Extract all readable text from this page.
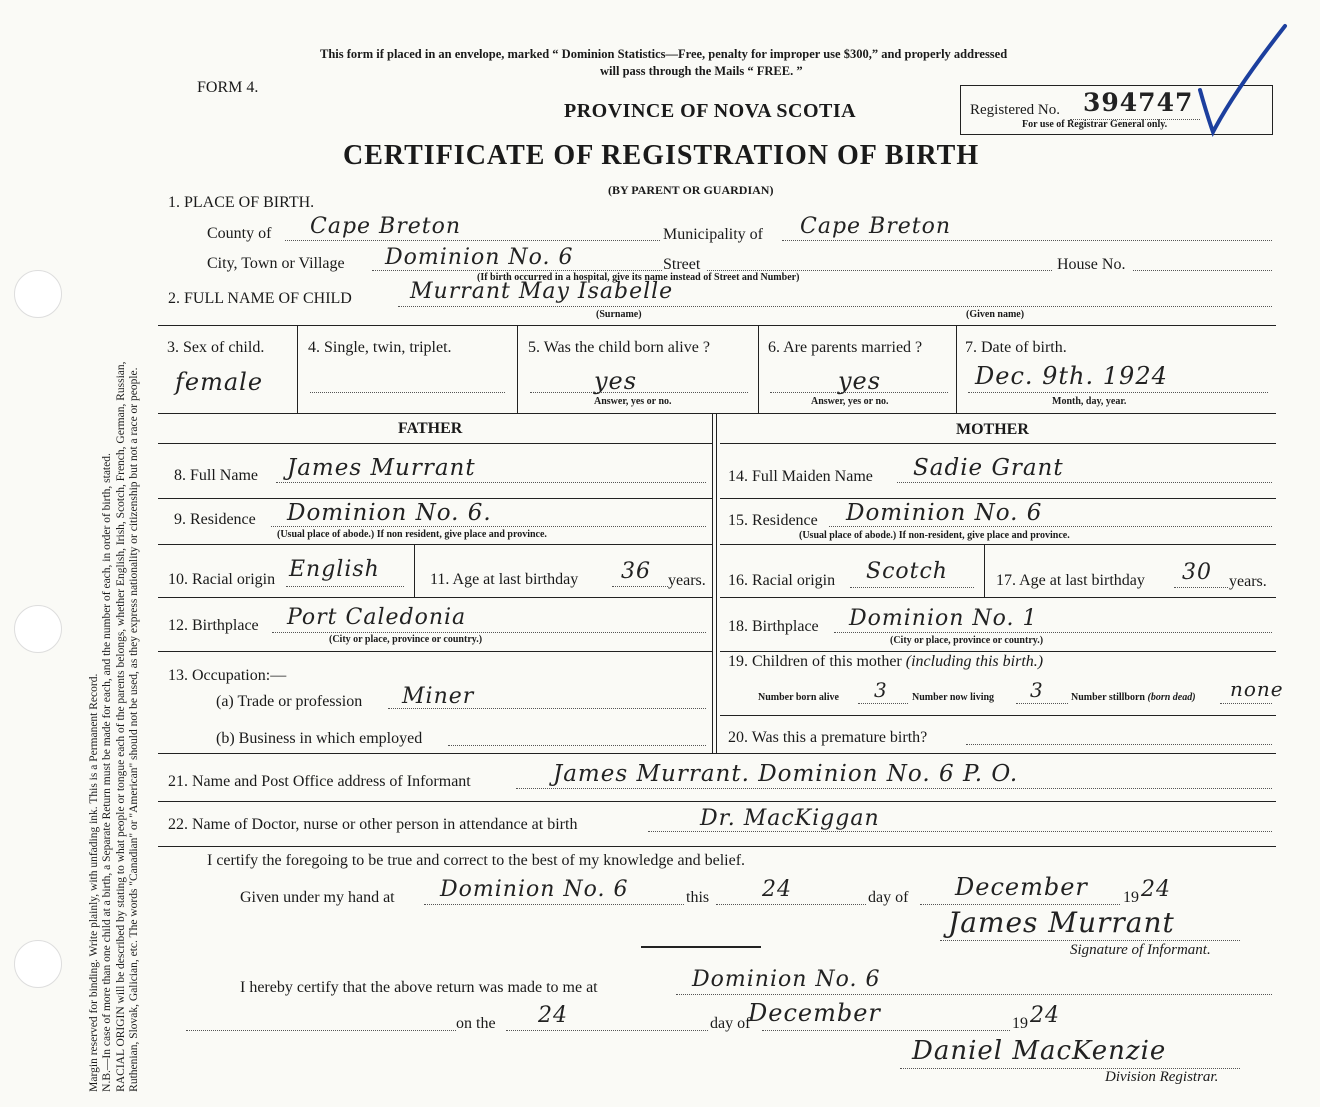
Margin reserved for binding. Write plainly, with unfading ink. This is a Permanent Record. N.B.—In case of more than one child at a birth, a Separate Return must be made for each, and the number of each, in order of birth, stated. RACIAL ORIGIN will be described by stating to what people or tongue each of the parents belongs, whether English, Irish, Scotch, French, German, Russian, Ruthenian, Slovak, Galician, etc. The words "Canadian" or "American" should not be used, as they express nationality or citizenship but not a race or people.
This form if placed in an envelope, marked “ Dominion Statistics—Free, penalty for improper use $300,” and properly addressed
will pass through the Mails “ FREE. ”
FORM 4.
PROVINCE OF NOVA SCOTIA
CERTIFICATE OF REGISTRATION OF BIRTH
(BY PARENT OR GUARDIAN)
Registered No. 394747
For use of Registrar General only.
1. PLACE OF BIRTH.
County of Cape Breton	Municipality of Cape Breton
City, Town or Village Dominion No. 6	Street	House No.
(If birth occurred in a hospital, give its name instead of Street and Number)
2. FULL NAME OF CHILD	Murrant May Isabelle
(Surname)	(Given name)
3. Sex of child.
female
4. Single, twin, triplet.	5. Was the child born alive ?
yes
Answer, yes or no.
6. Are parents married ?
yes
Answer, yes or no.
7. Date of birth.
Dec. 9th. 1924
Month, day, year.
FATHER	MOTHER
8. Full Name James Murrant	14. Full Maiden Name Sadie Grant
9. Residence Dominion No. 6.
(Usual place of abode.) If non resident, give place and province.
15. Residence Dominion No. 6
(Usual place of abode.) If non-resident, give place and province.
10. Racial origin English	11. Age at last birthday 36 years. 16. Racial origin Scotch	17. Age at last birthday 30 years.
12. Birthplace Port Caledonia
(City or place, province or country.)
18. Birthplace Dominion No. 1
(City or place, province or country.)
13. Occupation:—
(a) Trade or profession Miner
(b) Business in which employed
19. Children of this mother (including this birth.)
Number born alive 3 Number now living 3	Number stillborn (born dead) none
20. Was this a premature birth?
21. Name and Post Office address of Informant	James Murrant. Dominion No. 6 P. O.
22. Name of Doctor, nurse or other person in attendance at birth	Dr. MacKiggan
I certify the foregoing to be true and correct to the best of my knowledge and belief.
Given under my hand at Dominion No. 6	this 24	day of December 19 24
James Murrant
Signature of Informant.
I hereby certify that the above return was made to me at	Dominion No. 6
on the 24	day of
December	19 24
Daniel MacKenzie
Division Registrar.
